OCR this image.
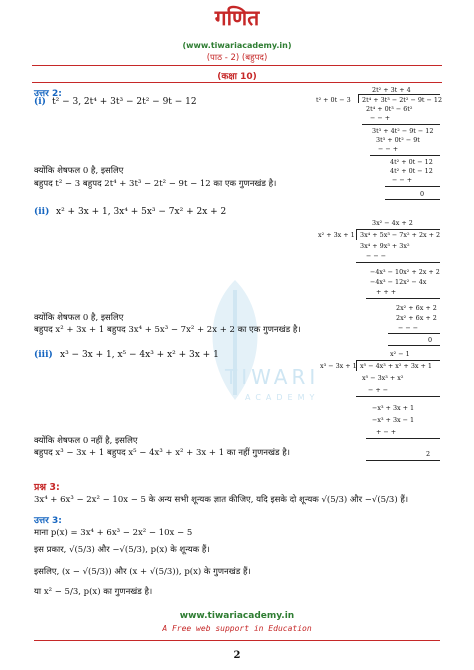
गणित
(www.tiwariacademy.in)
(पाठ - 2) (बहुपद)
(कक्षा 10)
TIWARI
ACADEMY
उत्तर 2:
(i) t² − 3, 2t⁴ + 3t³ − 2t² − 9t − 12
क्योंकि शेषफल 0 है, इसलिए
बहुपद t² − 3 बहुपद 2t⁴ + 3t³ − 2t² − 9t − 12 का एक गुणनखंड है।
2t² + 3t + 4
t² + 0t − 3 2t⁴ + 3t³ − 2t² − 9t − 12
2t⁴ + 0t³ − 6t²
− − +
3t³ + 4t² − 9t − 12
3t³ + 0t² − 9t
− − +
4t² + 0t − 12
4t² + 0t − 12
− − +
0
(ii) x² + 3x + 1, 3x⁴ + 5x³ − 7x² + 2x + 2
क्योंकि शेषफल 0 है, इसलिए
बहुपद x² + 3x + 1 बहुपद 3x⁴ + 5x³ − 7x² + 2x + 2 का एक गुणनखंड है।
3x² − 4x + 2
x² + 3x + 1 3x⁴ + 5x³ − 7x² + 2x + 2
3x⁴ + 9x³ + 3x²
− − −
−4x³ − 10x² + 2x + 2
−4x³ − 12x² − 4x
+ + +
2x² + 6x + 2
2x² + 6x + 2
− − −
0
(iii) x³ − 3x + 1, x⁵ − 4x³ + x² + 3x + 1
क्योंकि शेषफल 0 नहीं है, इसलिए
बहुपद x³ − 3x + 1 बहुपद x⁵ − 4x³ + x² + 3x + 1 का नहीं गुणनखंड है।
x² − 1
x³ − 3x + 1 x⁵ − 4x³ + x² + 3x + 1
x⁵ − 3x³ + x²
− + −
−x³ + 3x + 1
−x³ + 3x − 1
+ − +
2
प्रश्न 3:
3x⁴ + 6x³ − 2x² − 10x − 5 के अन्य सभी शून्यक ज्ञात कीजिए, यदि इसके दो शून्यक √(5/3) और −√(5/3) हैं।
उत्तर 3:
माना p(x) = 3x⁴ + 6x³ − 2x² − 10x − 5
इस प्रकार, √(5/3) और −√(5/3), p(x) के शून्यक हैं।
इसलिए, (x − √(5/3)) और (x + √(5/3)), p(x) के गुणनखंड हैं।
या x² − 5/3, p(x) का गुणनखंड है।
www.tiwariacademy.in
A Free web support in Education
2
